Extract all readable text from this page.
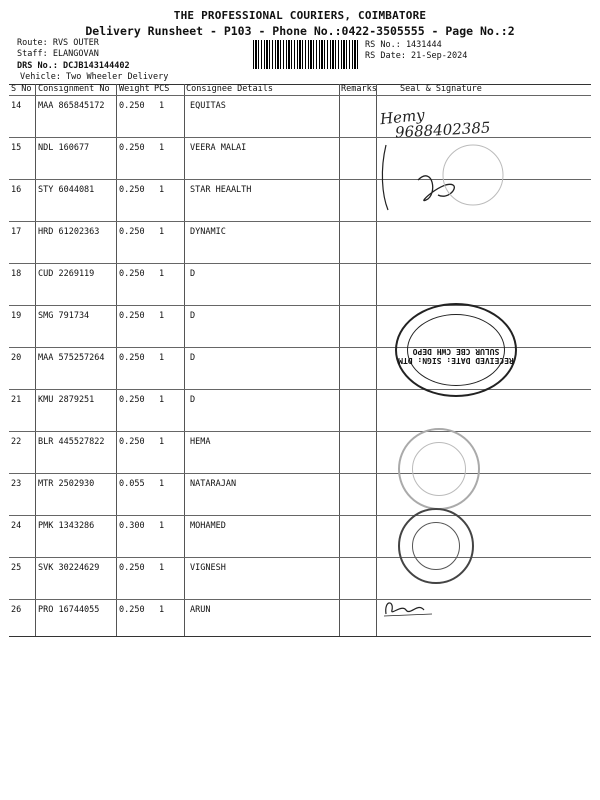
THE PROFESSIONAL COURIERS, COIMBATORE
Delivery Runsheet - P103 - Phone No.:0422-3505555 - Page No.:2
Route: RVS OUTER
Staff: ELANGOVAN
DRS No.: DCJB143144402
Vehicle: Two Wheeler Delivery
RS No.: 1431444
RS Date: 21-Sep-2024
S No Consignment No Weight PCS Consignee Details	Remarks	Seal & Signature
14 MAA 865845172 0.250 1	EQUITAS
15 NDL 160677	0.250 1	VEERA MALAI
16 STY 6044081	0.250 1	STAR HEAALTH
17 HRD 61202363 0.250 1	DYNAMIC
18 CUD 2269119	0.250 1	D
19 SMG 791734	0.250 1	D
20 MAA 575257264 0.250 1	D
21 KMU 2879251	0.250 1	D
22 BLR 445527822 0.250 1	HEMA
23 MTR 2502930	0.055 1	NATARAJAN
24 PMK 1343286	0.300 1	MOHAMED
25 SVK 30224629 0.250 1	VIGNESH
26 PRO 16744055 0.250 1	ARUN
Hemy
9688402385
RECEIVED DATE: SIGN: DTM SULUR CBE CWH DEPO
